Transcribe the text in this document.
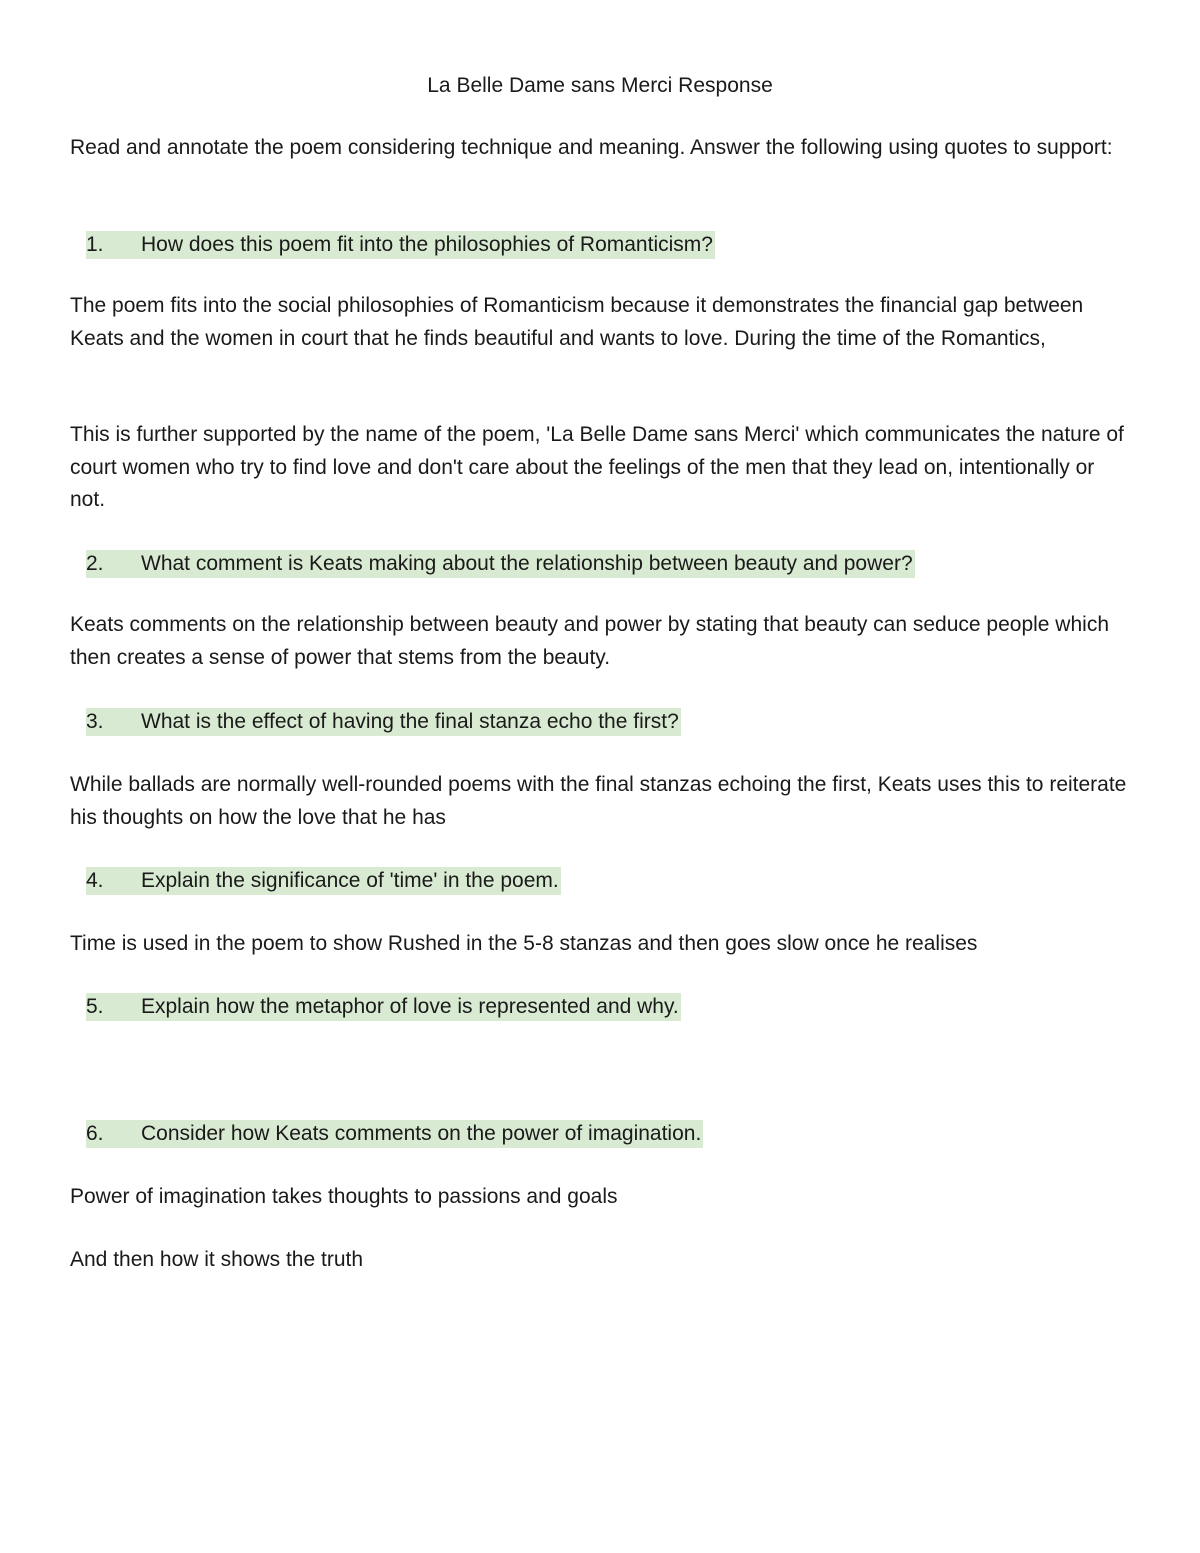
La Belle Dame sans Merci Response

Read and annotate the poem considering technique and meaning. Answer the following using quotes to support:

1. How does this poem fit into the philosophies of Romanticism?

The poem fits into the social philosophies of Romanticism because it demonstrates the financial gap between Keats and the women in court that he finds beautiful and wants to love. During the time of the Romantics,

This is further supported by the name of the poem, 'La Belle Dame sans Merci' which communicates the nature of court women who try to find love and don't care about the feelings of the men that they lead on, intentionally or not.

2. What comment is Keats making about the relationship between beauty and power?

Keats comments on the relationship between beauty and power by stating that beauty can seduce people which then creates a sense of power that stems from the beauty.

3. What is the effect of having the final stanza echo the first?

While ballads are normally well-rounded poems with the final stanzas echoing the first, Keats uses this to reiterate his thoughts on how the love that he has

4. Explain the significance of 'time' in the poem.

Time is used in the poem to show Rushed in the 5-8 stanzas and then goes slow once he realises

5. Explain how the metaphor of love is represented and why.
6. Consider how Keats comments on the power of imagination.

Power of imagination takes thoughts to passions and goals

And then how it shows the truth
